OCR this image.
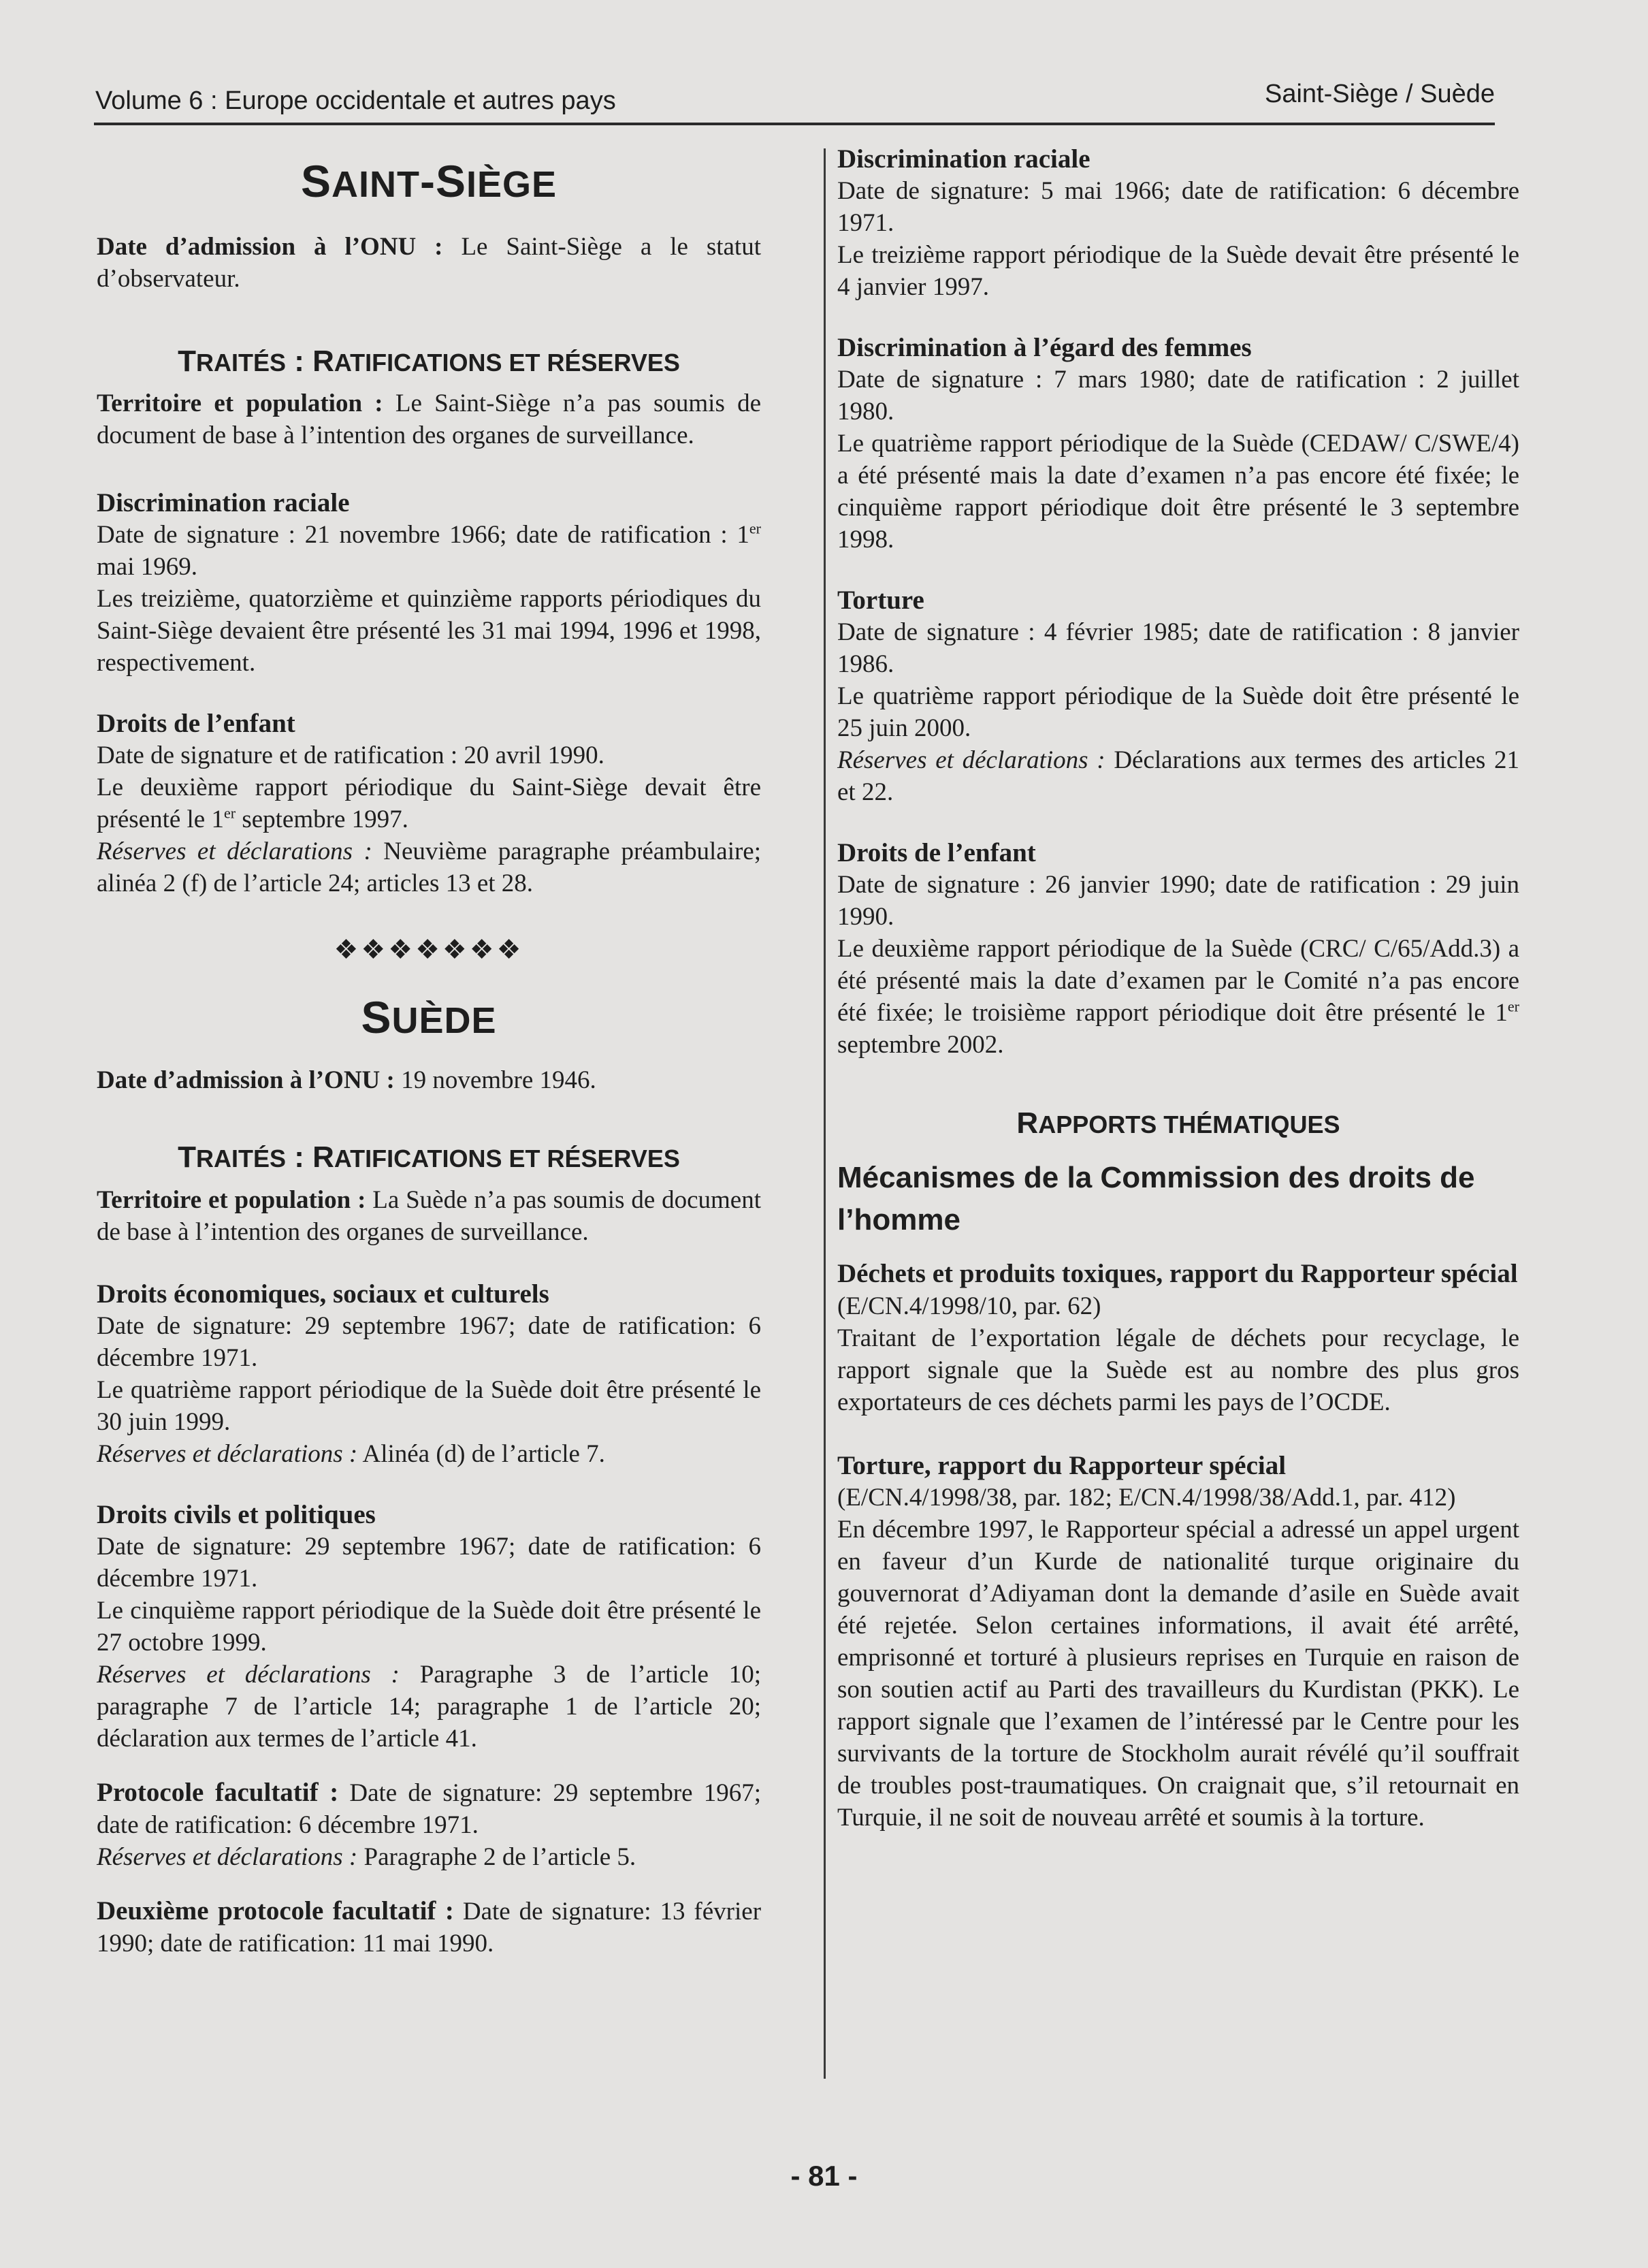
Volume 6 : Europe occidentale et autres pays	Saint-Siège / Suède
SAINT-SIÈGE

Date d’admission à l’ONU : Le Saint-Siège a le statut d’observateur.

TRAITÉS : RATIFICATIONS ET RÉSERVES

Territoire et population : Le Saint-Siège n’a pas soumis de document de base à l’intention des organes de surveillance.

Discrimination raciale

Date de signature : 21 novembre 1966; date de ratification : 1er mai 1969.

Les treizième, quatorzième et quinzième rapports périodiques du Saint-Siège devaient être présenté les 31 mai 1994, 1996 et 1998, respectivement.

Droits de l’enfant

Date de signature et de ratification : 20 avril 1990.

Le deuxième rapport périodique du Saint-Siège devait être présenté le 1er septembre 1997.

Réserves et déclarations : Neuvième paragraphe préambulaire; alinéa 2 (f) de l’article 24; articles 13 et 28.

❖❖❖❖❖❖❖
SUÈDE

Date d’admission à l’ONU : 19 novembre 1946.

TRAITÉS : RATIFICATIONS ET RÉSERVES

Territoire et population : La Suède n’a pas soumis de document de base à l’intention des organes de surveillance.

Droits économiques, sociaux et culturels

Date de signature: 29 septembre 1967; date de ratification: 6 décembre 1971.

Le quatrième rapport périodique de la Suède doit être présenté le 30 juin 1999.

Réserves et déclarations : Alinéa (d) de l’article 7.

Droits civils et politiques

Date de signature: 29 septembre 1967; date de ratification: 6 décembre 1971.

Le cinquième rapport périodique de la Suède doit être présenté le 27 octobre 1999.

Réserves et déclarations : Paragraphe 3 de l’article 10; paragraphe 7 de l’article 14; paragraphe 1 de l’article 20; déclaration aux termes de l’article 41.

Protocole facultatif : Date de signature: 29 septembre 1967; date de ratification: 6 décembre 1971.

Réserves et déclarations : Paragraphe 2 de l’article 5.

Deuxième protocole facultatif : Date de signature: 13 février 1990; date de ratification: 11 mai 1990.

Discrimination raciale

Date de signature: 5 mai 1966; date de ratification: 6 décembre 1971.

Le treizième rapport périodique de la Suède devait être présenté le 4 janvier 1997.

Discrimination à l’égard des femmes

Date de signature : 7 mars 1980; date de ratification : 2 juillet 1980.

Le quatrième rapport périodique de la Suède (CEDAW/ C/SWE/4) a été présenté mais la date d’examen n’a pas encore été fixée; le cinquième rapport périodique doit être présenté le 3 septembre 1998.

Torture

Date de signature : 4 février 1985; date de ratification : 8 janvier 1986.

Le quatrième rapport périodique de la Suède doit être présenté le 25 juin 2000.

Réserves et déclarations : Déclarations aux termes des articles 21 et 22.

Droits de l’enfant

Date de signature : 26 janvier 1990; date de ratification : 29 juin 1990.

Le deuxième rapport périodique de la Suède (CRC/ C/65/Add.3) a été présenté mais la date d’examen par le Comité n’a pas encore été fixée; le troisième rapport périodique doit être présenté le 1er septembre 2002.

RAPPORTS THÉMATIQUES
Mécanismes de la Commission des droits de l’homme

Déchets et produits toxiques, rapport du Rapporteur spécial (E/CN.4/1998/10, par. 62)

Traitant de l’exportation légale de déchets pour recyclage, le rapport signale que la Suède est au nombre des plus gros exportateurs de ces déchets parmi les pays de l’OCDE.

Torture, rapport du Rapporteur spécial

(E/CN.4/1998/38, par. 182; E/CN.4/1998/38/Add.1, par. 412)

En décembre 1997, le Rapporteur spécial a adressé un appel urgent en faveur d’un Kurde de nationalité turque originaire du gouvernorat d’Adiyaman dont la demande d’asile en Suède avait été rejetée. Selon certaines informations, il avait été arrêté, emprisonné et torturé à plusieurs reprises en Turquie en raison de son soutien actif au Parti des travailleurs du Kurdistan (PKK). Le rapport signale que l’examen de l’intéressé par le Centre pour les survivants de la torture de Stockholm aurait révélé qu’il souffrait de troubles post-traumatiques. On craignait que, s’il retournait en Turquie, il ne soit de nouveau arrêté et soumis à la torture.

- 81 -
